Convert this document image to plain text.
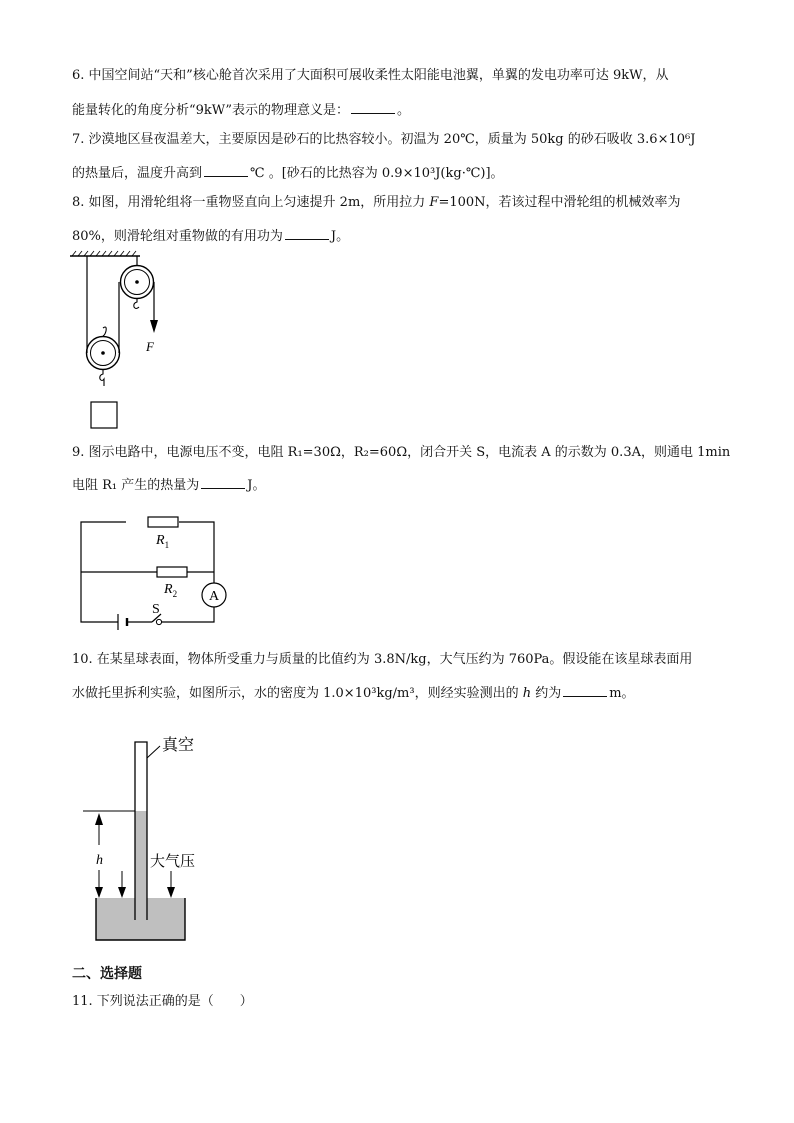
6. 中国空间站“天和”核心舱首次采用了大面积可展收柔性太阳能电池翼，单翼的发电功率可达 9kW，从
能量转化的角度分析“9kW”表示的物理意义是：	。
7. 沙漠地区昼夜温差大，主要原因是砂石的比热容较小。初温为 20℃，质量为 50kg 的砂石吸收 3.6×10⁶J
的热量后，温度升高到	℃ 。[砂石的比热容为 0.9×10³J(kg·℃)]。
8. 如图，用滑轮组将一重物竖直向上匀速提升 2m，所用拉力 F=100N，若该过程中滑轮组的机械效率为
80%，则滑轮组对重物做的有用功为	J。
F
9. 图示电路中，电源电压不变，电阻 R₁=30Ω，R₂=60Ω，闭合开关 S，电流表 A 的示数为 0.3A，则通电 1min
电阻 R₁ 产生的热量为	J。
$R_1$
$R_2$ A
S
10. 在某星球表面，物体所受重力与质量的比值约为 3.8N/kg，大气压约为 760Pa。假设能在该星球表面用
水做托里拆利实验，如图所示，水的密度为 1.0×10³kg/m³，则经实验测出的 h 约为	m。
真空
h	大气压
二、选择题
11. 下列说法正确的是（　　）
